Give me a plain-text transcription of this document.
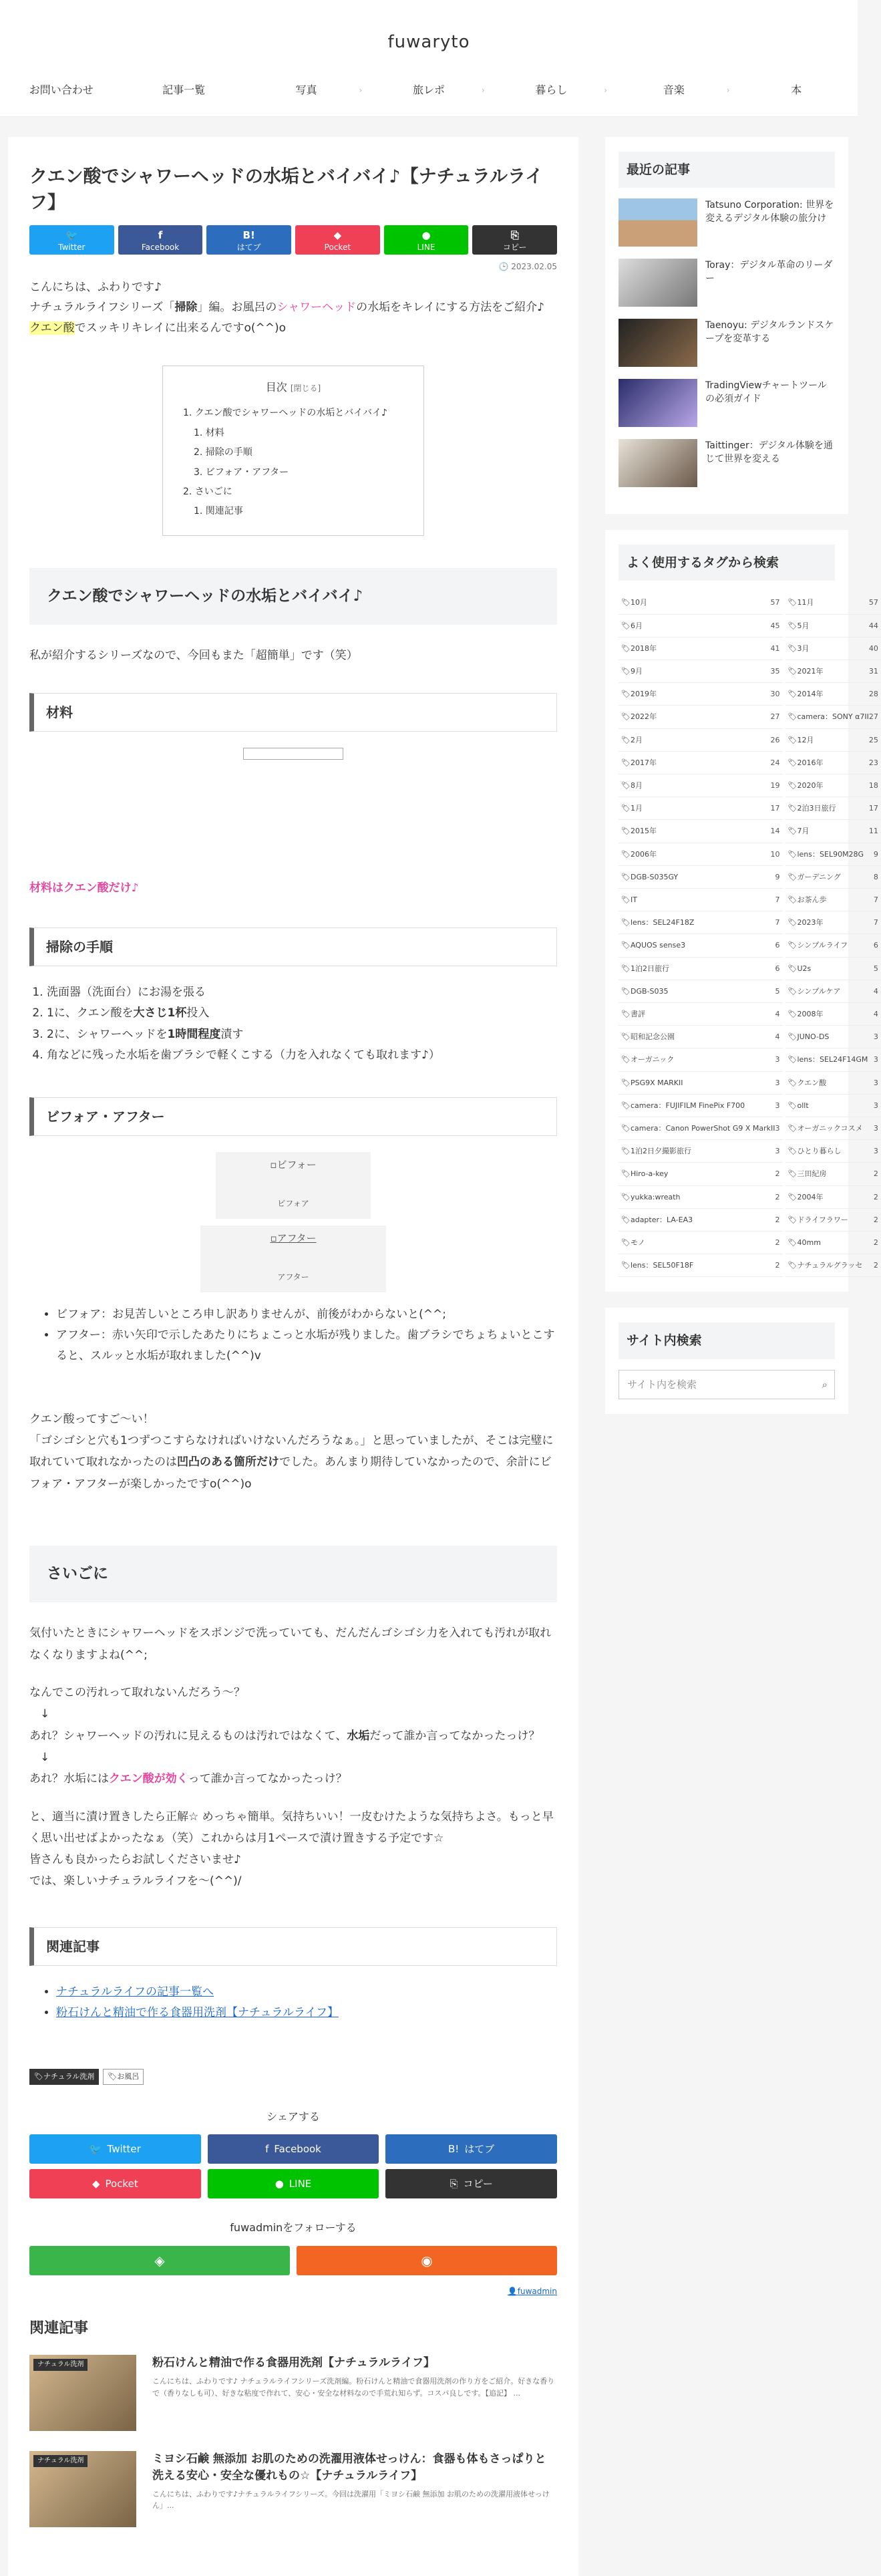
fuwaryto
お問い合わせ	記事一覧	写真	›	旅レポ	›	暮らし	›	音楽	›	本
クエン酸でシャワーヘッドの水垢とバイバイ♪【ナチュラルライフ】
🐦
Twitter
f
Facebook
B!
はてブ
◆
Pocket
●
LINE
⎘
コピー
🕒 2023.02.05

こんにちは、ふわりです♪

ナチュラルライフシリーズ「掃除」編。お風呂のシャワーヘッドの水垢をキレイにする方法をご紹介♪

クエン酸でスッキリキレイに出来るんですo(^^)o

目次 [閉じる]
1. クエン酸でシャワーヘッドの水垢とバイバイ♪
1. 材料
2. 掃除の手順
3. ビフォア・アフター
2. さいごに
1. 関連記事
クエン酸でシャワーヘッドの水垢とバイバイ♪

私が紹介するシリーズなので、今回もまた「超簡単」です（笑）

材料

材料はクエン酸だけ♪

掃除の手順
1. 洗面器（洗面台）にお湯を張る
2. 1に、クエン酸を大さじ1杯投入
3. 2に、シャワーヘッドを1時間程度漬す
4. 角などに残った水垢を歯ブラシで軽くこする（力を入れなくても取れます♪）
ビフォア・アフター
▫ビフォー
ビフォア
▫アフター
アフター
• ビフォア：お見苦しいところ申し訳ありませんが、前後がわからないと(^^;
• アフター：赤い矢印で示したあたりにちょこっと水垢が残りました。歯ブラシでちょちょいとこすると、スルッと水垢が取れました(^^)v

クエン酸ってすご〜い！

「ゴシゴシと穴も1つずつこすらなければいけないんだろうなぁ。」と思っていましたが、そこは完璧に取れていて取れなかったのは凹凸のある箇所だけでした。あんまり期待していなかったので、余計にビフォア・アフターが楽しかったですo(^^)o

さいごに

気付いたときにシャワーヘッドをスポンジで洗っていても、だんだんゴシゴシ力を入れても汚れが取れなくなりますよね(^^;

なんでこの汚れって取れないんだろう〜？

↓

あれ？シャワーヘッドの汚れに見えるものは汚れではなくて、水垢だって誰か言ってなかったっけ？

↓

あれ？水垢にはクエン酸が効くって誰か言ってなかったっけ？

と、適当に漬け置きしたら正解☆ めっちゃ簡単。気持ちいい！一皮むけたような気持ちよさ。もっと早く思い出せばよかったなぁ（笑）これからは月1ペースで漬け置きする予定です☆

皆さんも良かったらお試しくださいませ♪

では、楽しいナチュラルライフを〜(^^)/

関連記事
• ナチュラルライフの記事一覧へ
• 粉石けんと精油で作る食器用洗剤【ナチュラルライフ】
🏷ナチュラル洗剤 🏷お風呂
シェアする
🐦 Twitter	f Facebook	B! はてブ
◆ Pocket	● LINE	⎘ コピー
fuwadminをフォローする
◈	◉
👤fuwadmin
関連記事
ナチュラル洗剤	粉石けんと精油で作る食器用洗剤【ナチュラルライフ】
こんにちは、ふわりです♪ ナチュラルライフシリーズ洗剤編。粉石けんと精油で食器用洗剤の作り方をご紹介。好きな香りで（香りなしも可）、好きな粘度で作れて、安心・安全な材料なので手荒れ知らず。コスパ良しです。【追記】 ...
ナチュラル洗剤	ミヨシ石鹸 無添加 お肌のための洗濯用液体せっけん：食器も体もさっぱりと洗える安心・安全な優れもの☆【ナチュラルライフ】
こんにちは、ふわりです♪ナチュラルライフシリーズ。今回は洗濯用「ミヨシ石鹸 無添加 お肌のための洗濯用液体せっけん」...
最近の記事
Tatsuno Corporation: 世界を変えるデジタル体験の旅分け
Toray：デジタル革命のリーダー
Taenoyu: デジタルランドスケープを変革する
TradingViewチャートツールの必須ガイド
Taittinger：デジタル体験を通じて世界を変える
よく使用するタグから検索
🏷10月	57 🏷11月	57
🏷6月	45 🏷5月	44
🏷2018年	41 🏷3月	40
🏷9月	35 🏷2021年	31
🏷2019年	30 🏷2014年	28
🏷2022年	27 🏷camera：SONY α7II 27
🏷2月	26 🏷12月	25
🏷2017年	24 🏷2016年	23
🏷8月	19 🏷2020年	18
🏷1月	17 🏷2泊3日旅行	17
🏷2015年	14 🏷7月	11
🏷2006年	10 🏷lens：SEL90M28G 9
🏷DGB-S035GY	9 🏷ガーデニング	8
🏷IT	7 🏷お茶ん歩	7
🏷lens：SEL24F18Z	7 🏷2023年	7
🏷AQUOS sense3	6 🏷シンプルライフ	6
🏷1泊2日旅行	6 🏷U2s	5
🏷DGB-S035	5 🏷シンプルケア	4
🏷書評	4 🏷2008年	4
🏷昭和記念公園	4 🏷JUNO-DS	3
🏷オーガニック	3 🏷lens：SEL24F14GM 3
🏷PSG9X MARKII	3 🏷クエン酸	3
🏷camera：FUJIFILM FinePix F700	3 🏷ollt	3
🏷camera：Canon PowerShot G9 X MarkII 3 🏷オーガニックコスメ 3
🏷1泊2日夕撮影旅行	3 🏷ひとり暮らし	3
🏷Hiro-a-key	2 🏷三田紀房	2
🏷yukka:wreath	2 🏷2004年	2
🏷adapter：LA-EA3	2 🏷ドライフラワー	2
🏷モノ	2 🏷40mm	2
🏷lens：SEL50F18F	2 🏷ナチュラルグラッセ 2
サイト内検索
サイト内を検索	⌕
